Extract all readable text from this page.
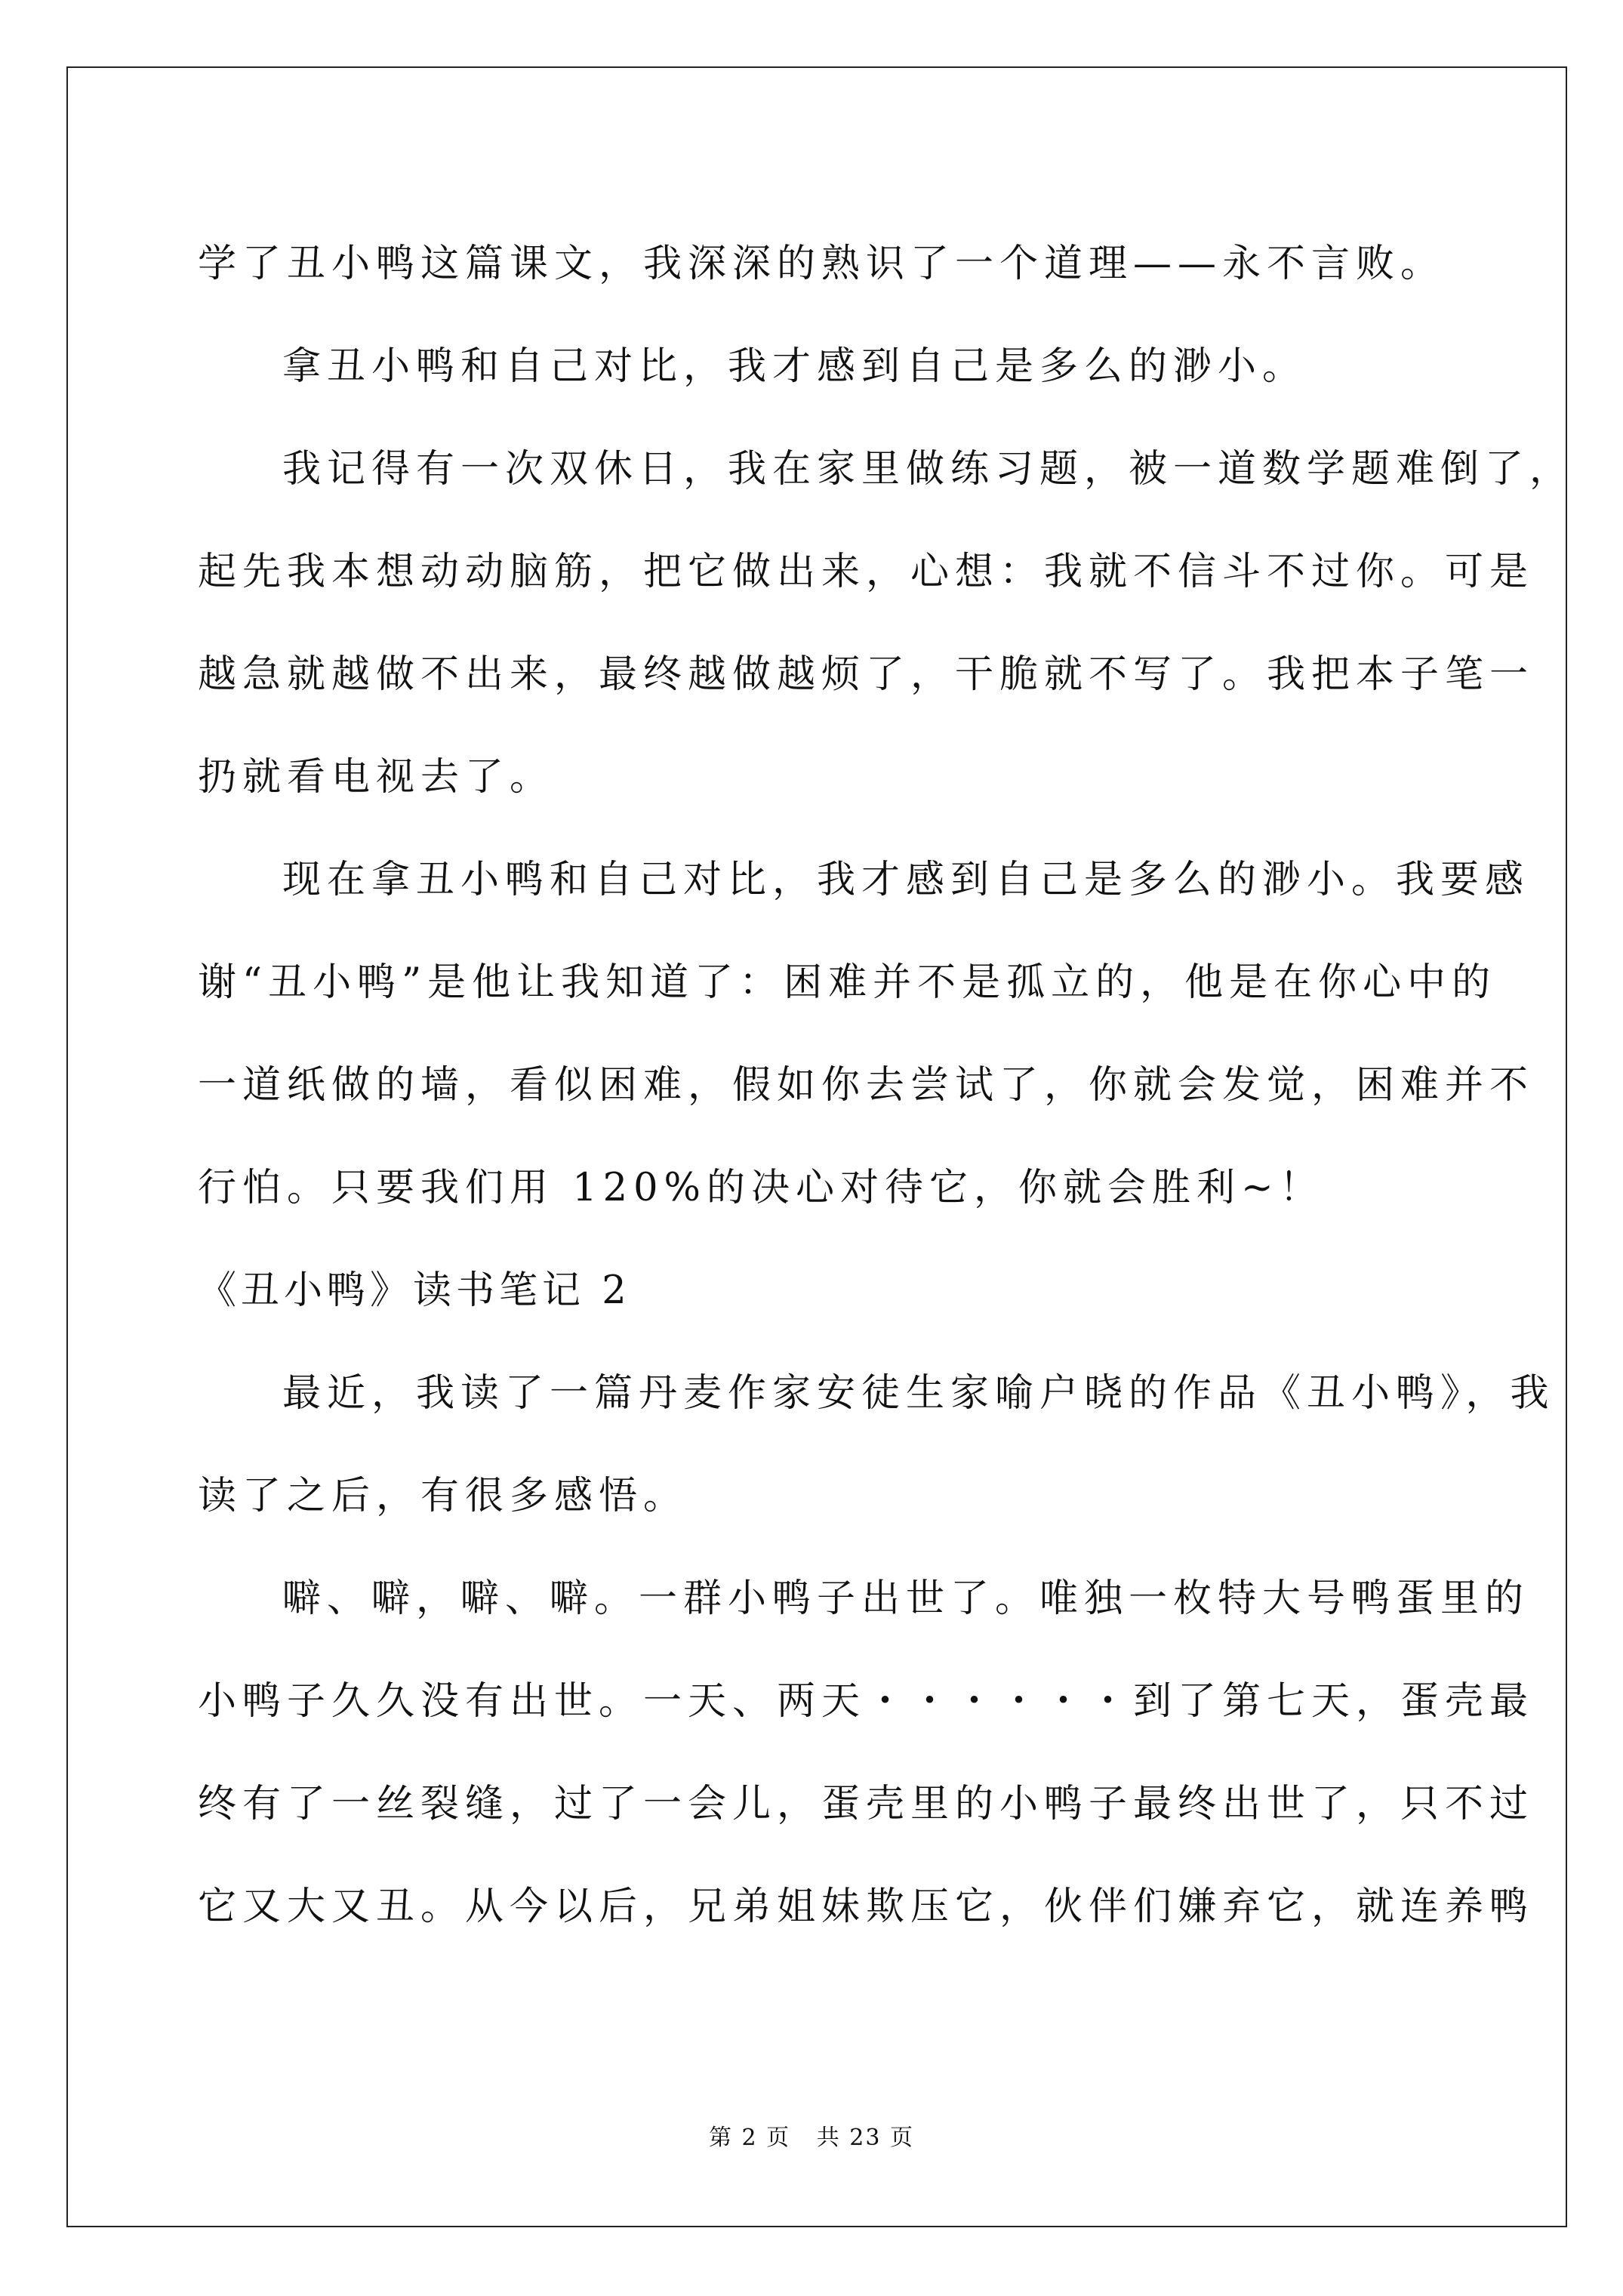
学了丑小鸭这篇课文，我深深的熟识了一个道理——永不言败。
拿丑小鸭和自己对比，我才感到自己是多么的渺小。
我记得有一次双休日，我在家里做练习题，被一道数学题难倒了，
起先我本想动动脑筋，把它做出来，心想：我就不信斗不过你。可是
越急就越做不出来，最终越做越烦了，干脆就不写了。我把本子笔一
扔就看电视去了。
现在拿丑小鸭和自己对比，我才感到自己是多么的渺小。我要感
谢“丑小鸭”是他让我知道了：困难并不是孤立的，他是在你心中的
一道纸做的墙，看似困难，假如你去尝试了，你就会发觉，困难并不
行怕。只要我们用 120%的决心对待它，你就会胜利~！
《丑小鸭》读书笔记 2
最近，我读了一篇丹麦作家安徒生家喻户晓的作品《丑小鸭》，我
读了之后，有很多感悟。
噼、噼，噼、噼。一群小鸭子出世了。唯独一枚特大号鸭蛋里的
小鸭子久久没有出世。一天、两天・・・・・・到了第七天，蛋壳最
终有了一丝裂缝，过了一会儿，蛋壳里的小鸭子最终出世了，只不过
它又大又丑。从今以后，兄弟姐妹欺压它，伙伴们嫌弃它，就连养鸭
第 2 页   共 23 页
